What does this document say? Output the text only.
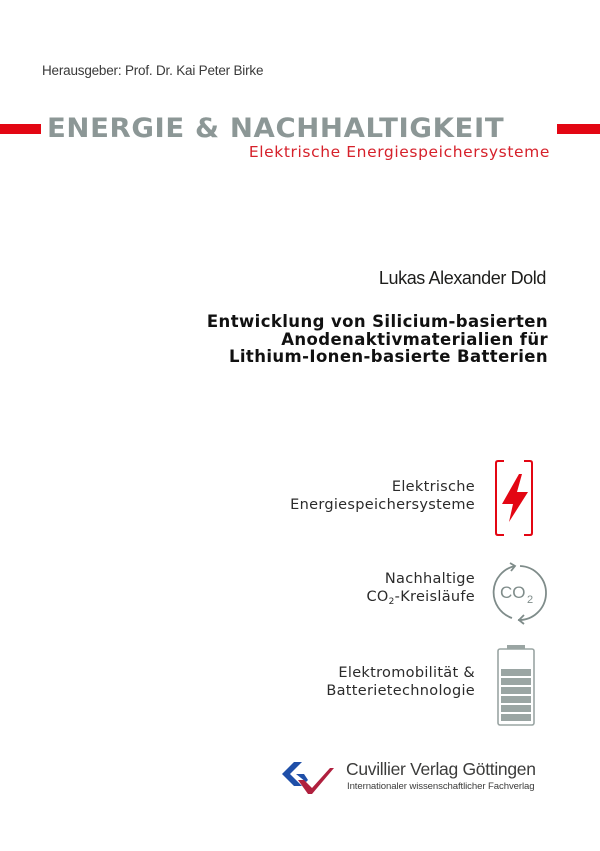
Herausgeber: Prof. Dr. Kai Peter Birke
ENERGIE & NACHHALTIGKEIT
Elektrische Energiespeichersysteme
Lukas Alexander Dold
Entwicklung von Silicium-basierten
Anodenaktivmaterialien für
Lithium-Ionen-basierte Batterien
Elektrische
Energiespeichersysteme
Nachhaltige
$CO_2$-Kreisläufe CO 2
Elektromobilität &
Batterietechnologie
Cuvillier Verlag Göttingen
Internationaler wissenschaftlicher Fachverlag
